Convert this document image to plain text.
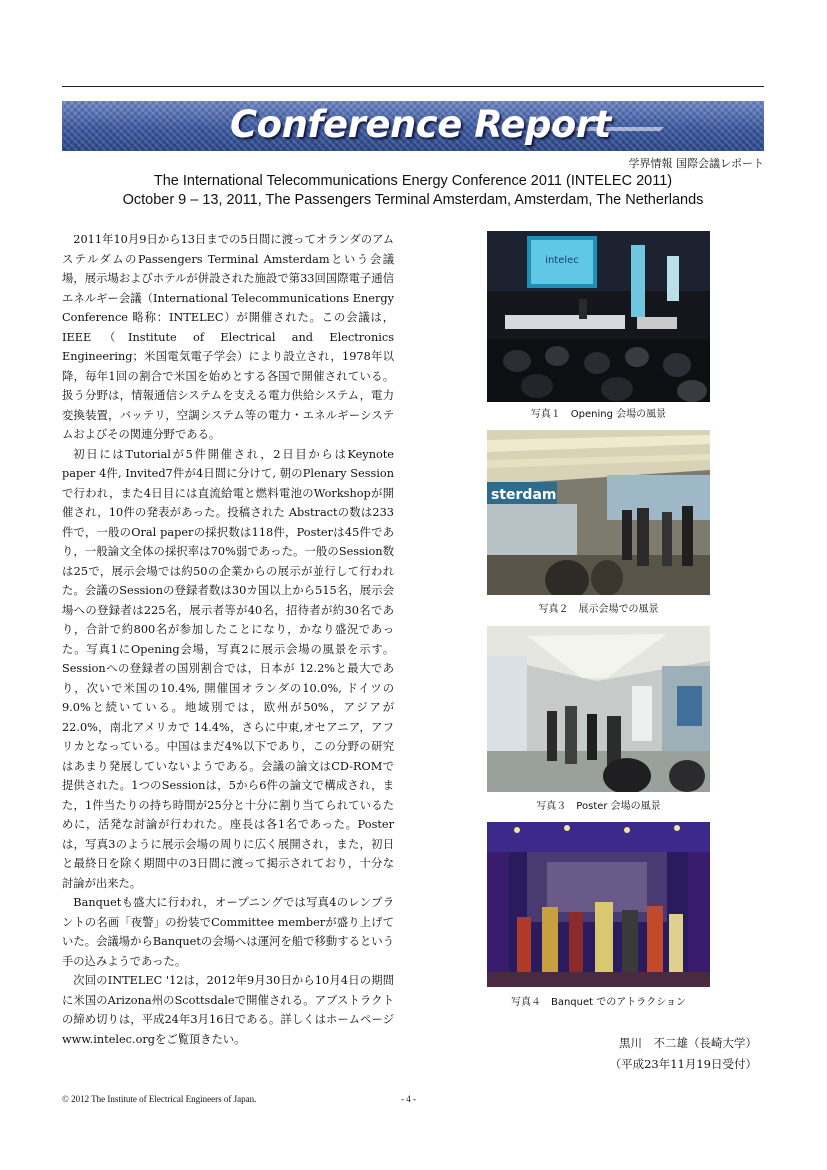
Conference Report
学界情報 国際会議レポート
The International Telecommunications Energy Conference 2011 (INTELEC 2011)
October 9 – 13, 2011, The Passengers Terminal Amsterdam, Amsterdam, The Netherlands

2011年10月9日から13日までの5日間に渡ってオランダのアムステルダムのPassengers Terminal Amsterdamという会議場，展示場およびホテルが併設された施設で第33回国際電子通信エネルギー会議（International Telecommunications Energy Conference 略称：INTELEC）が開催された。この会議は，IEEE（Institute of Electrical and Electronics Engineering；米国電気電子学会）により設立され，1978年以降，毎年1回の割合で米国を始めとする各国で開催されている。扱う分野は，情報通信システムを支える電力供給システム，電力変換装置，バッテリ，空調システム等の電力・エネルギーシステムおよびその関連分野である。

初日にはTutorialが5件開催され，2日目からはKeynote paper 4件, Invited7件が4日間に分けて, 朝のPlenary Sessionで行われ，また4日目には直流給電と燃料電池のWorkshopが開催され，10件の発表があった。投稿された Abstractの数は233件で，一般のOral paperの採択数は118件，Posterは45件であり，一般論文全体の採択率は70%弱であった。一般のSession数は25で，展示会場では約50の企業からの展示が並行して行われた。会議のSessionの登録者数は30カ国以上から515名，展示会場への登録者は225名，展示者等が40名，招待者が約30名であり，合計で約800名が参加したことになり，かなり盛況であった。写真1にOpening会場，写真2に展示会場の風景を示す。Sessionへの登録者の国別割合では，日本が 12.2%と最大であり，次いで米国の10.4%, 開催国オランダの10.0%, ドイツの9.0%と続いている。地域別では，欧州が50%，アジアが22.0%，南北アメリカで 14.4%，さらに中東,オセアニア，アフリカとなっている。中国はまだ4%以下であり，この分野の研究はあまり発展していないようである。会議の論文はCD-ROMで提供された。1つのSessionは，5から6件の論文で構成され，また，1件当たりの持ち時間が25分と十分に割り当てられているために，活発な討論が行われた。座長は各1名であった。Posterは，写真3のように展示会場の周りに広く展開され，また，初日と最終日を除く期間中の3日間に渡って掲示されており，十分な討論が出来た。

Banquetも盛大に行われ，オープニングでは写真4のレンブラントの名画「夜警」の扮装でCommittee memberが盛り上げていた。会議場からBanquetの会場へは運河を船で移動するという手の込みようであった。

次回のINTELEC '12は，2012年9月30日から10月4日の期間に米国のArizona州のScottsdaleで開催される。アブストラクトの締め切りは，平成24年3月16日である。詳しくはホームページwww.intelec.orgをご覧頂きたい。

intelec
写真１　Opening 会場の風景
sterdam
写真２　展示会場での風景
写真３　Poster 会場の風景
写真４　Banquet でのアトラクション
黒川　不二雄（長崎大学）
（平成23年11月19日受付）
© 2012 The Institute of Electrical Engineers of Japan.	- 4 -
